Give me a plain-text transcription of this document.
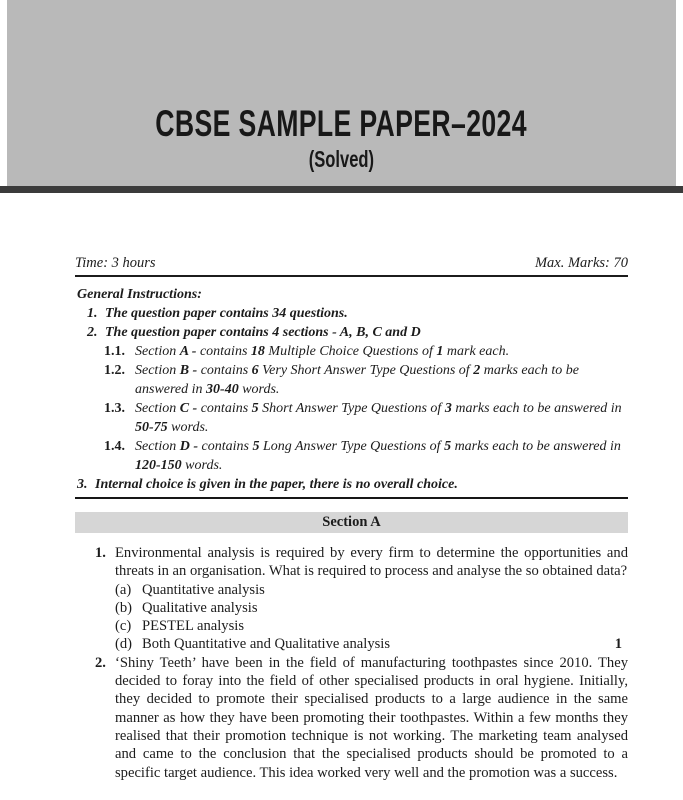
CBSE SAMPLE PAPER–2024
(Solved)
Time: 3 hours	Max. Marks: 70
General Instructions:
1. The question paper contains 34 questions.
2. The question paper contains 4 sections - A, B, C and D
1.1. Section A - contains 18 Multiple Choice Questions of 1 mark each.
1.2. Section B - contains 6 Very Short Answer Type Questions of 2 marks each to be answered in 30-40 words.
1.3. Section C - contains 5 Short Answer Type Questions of 3 marks each to be answered in 50-75 words.
1.4. Section D - contains 5 Long Answer Type Questions of 5 marks each to be answered in 120-150 words.
3. Internal choice is given in the paper, there is no overall choice.
Section A
1. Environmental analysis is required by every firm to determine the opportunities and threats in an organisation. What is required to process and analyse the so obtained data?
(a) Quantitative analysis
(b) Qualitative analysis
(c) PESTEL analysis
(d) Both Quantitative and Qualitative analysis	1
2. ‘Shiny Teeth’ have been in the field of manufacturing toothpastes since 2010. They decided to foray into the field of other specialised products in oral hygiene. Initially, they decided to promote their specialised products to a large audience in the same manner as how they have been promoting their toothpastes. Within a few months they realised that their promotion technique is not working. The marketing team analysed and came to the conclusion that the specialised products should be promoted to a specific target audience. This idea worked very well and the promotion was a success.
